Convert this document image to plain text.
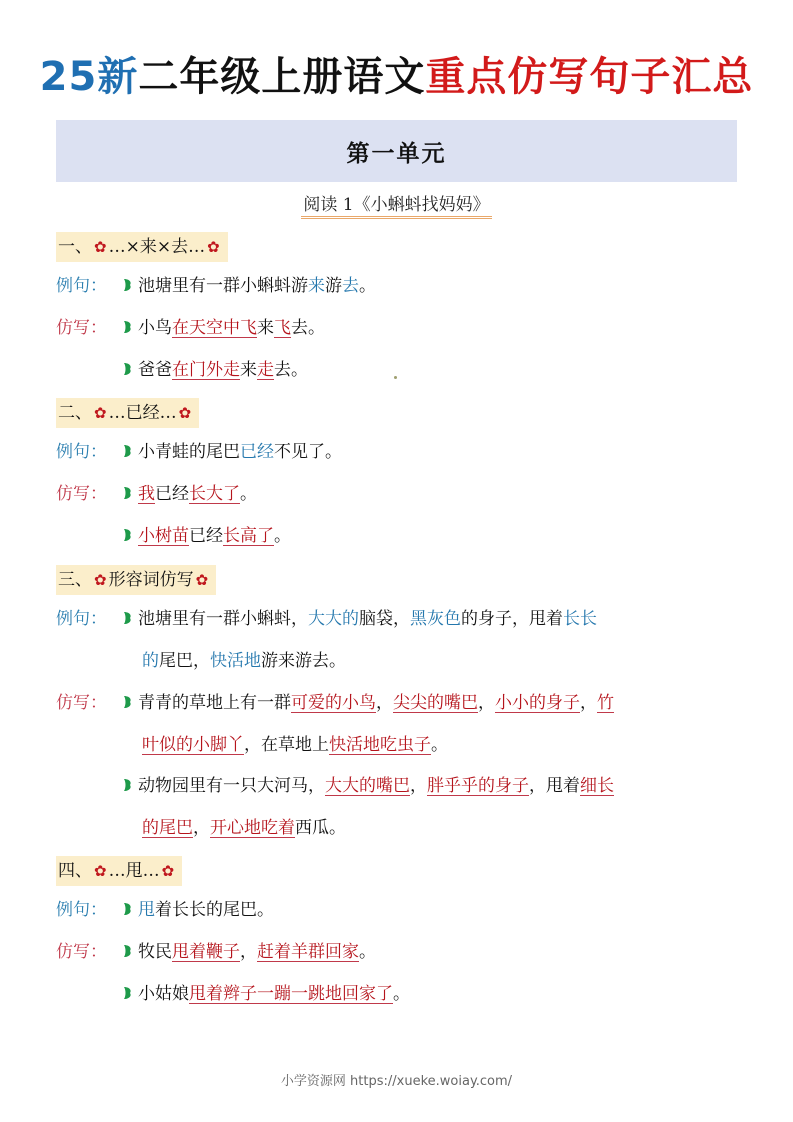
25新二年级上册语文重点仿写句子汇总
第一单元
阅读 1《小蝌蚪找妈妈》
一、 ✿ …×来×去… ✿
例句： 池塘里有一群小蝌蚪游来游去。
仿写： 小鸟在天空中飞来飞去。
爸爸在门外走来走去。
二、 ✿ …已经… ✿
例句： 小青蛙的尾巴已经不见了。
仿写： 我已经长大了。
小树苗已经长高了。
三、 ✿ 形容词仿写 ✿
例句： 池塘里有一群小蝌蚪，大大的脑袋，黑灰色的身子，甩着长长
的尾巴，快活地游来游去。
仿写： 青青的草地上有一群可爱的小鸟，尖尖的嘴巴，小小的身子，竹
叶似的小脚丫，在草地上快活地吃虫子。
动物园里有一只大河马，大大的嘴巴，胖乎乎的身子，甩着细长
的尾巴，开心地吃着西瓜。
四、 ✿ …甩… ✿
例句： 甩着长长的尾巴。
仿写： 牧民甩着鞭子，赶着羊群回家。
小姑娘甩着辫子一蹦一跳地回家了。
小学资源网 https://xueke.woiay.com/
